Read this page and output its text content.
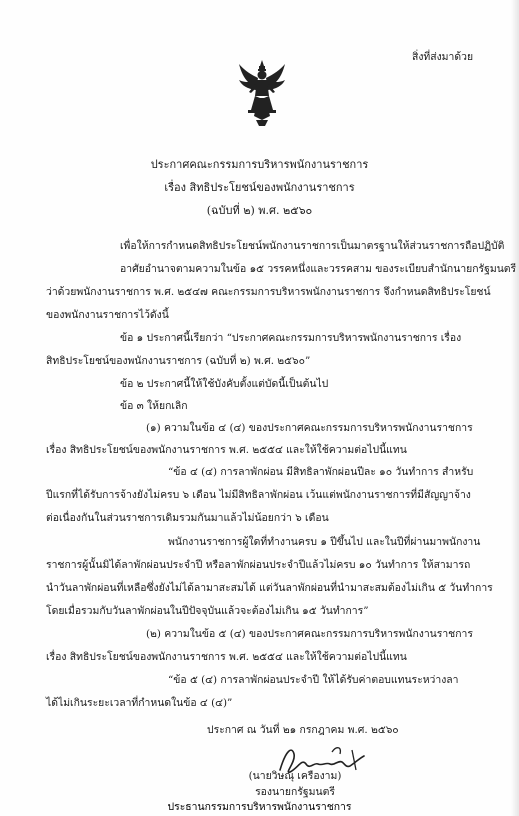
สิ่งที่ส่งมาด้วย
ประกาศคณะกรรมการบริหารพนักงานราชการ
เรื่อง สิทธิประโยชน์ของพนักงานราชการ
(ฉบับที่ ๒) พ.ศ. ๒๕๖๐
เพื่อให้การกำหนดสิทธิประโยชน์พนักงานราชการเป็นมาตรฐานให้ส่วนราชการถือปฏิบัติ
อาศัยอำนาจตามความในข้อ ๑๕ วรรคหนึ่งและวรรคสาม ของระเบียบสำนักนายกรัฐมนตรี
ว่าด้วยพนักงานราชการ พ.ศ. ๒๕๔๗ คณะกรรมการบริหารพนักงานราชการ จึงกำหนดสิทธิประโยชน์
ของพนักงานราชการไว้ดังนี้
ข้อ ๑ ประกาศนี้เรียกว่า “ประกาศคณะกรรมการบริหารพนักงานราชการ เรื่อง
สิทธิประโยชน์ของพนักงานราชการ (ฉบับที่ ๒) พ.ศ. ๒๕๖๐”
ข้อ ๒ ประกาศนี้ให้ใช้บังคับตั้งแต่บัดนี้เป็นต้นไป
ข้อ ๓ ให้ยกเลิก
(๑) ความในข้อ ๔ (๔) ของประกาศคณะกรรมการบริหารพนักงานราชการ
เรื่อง สิทธิประโยชน์ของพนักงานราชการ พ.ศ. ๒๕๕๔ และให้ใช้ความต่อไปนี้แทน
“ข้อ ๔ (๔) การลาพักผ่อน มีสิทธิลาพักผ่อนปีละ ๑๐ วันทำการ สำหรับ
ปีแรกที่ได้รับการจ้างยังไม่ครบ ๖ เดือน ไม่มีสิทธิลาพักผ่อน เว้นแต่พนักงานราชการที่มีสัญญาจ้าง
ต่อเนื่องกันในส่วนราชการเดิมรวมกันมาแล้วไม่น้อยกว่า ๖ เดือน
พนักงานราชการผู้ใดที่ทำงานครบ ๑ ปีขึ้นไป และในปีที่ผ่านมาพนักงาน
ราชการผู้นั้นมิได้ลาพักผ่อนประจำปี หรือลาพักผ่อนประจำปีแล้วไม่ครบ ๑๐ วันทำการ ให้สามารถ
นำวันลาพักผ่อนที่เหลือซึ่งยังไม่ได้ลามาสะสมได้ แต่วันลาพักผ่อนที่นำมาสะสมต้องไม่เกิน ๕ วันทำการ
โดยเมื่อรวมกับวันลาพักผ่อนในปีปัจจุบันแล้วจะต้องไม่เกิน ๑๕ วันทำการ”
(๒) ความในข้อ ๕ (๔) ของประกาศคณะกรรมการบริหารพนักงานราชการ
เรื่อง สิทธิประโยชน์ของพนักงานราชการ พ.ศ. ๒๕๕๔ และให้ใช้ความต่อไปนี้แทน
“ข้อ ๕ (๔) การลาพักผ่อนประจำปี ให้ได้รับค่าตอบแทนระหว่างลา
ได้ไม่เกินระยะเวลาที่กำหนดในข้อ ๔ (๔)”
ประกาศ ณ วันที่ ๒๑ กรกฎาคม พ.ศ. ๒๕๖๐
(นายวิษณุ เครืองาม)
รองนายกรัฐมนตรี
ประธานกรรมการบริหารพนักงานราชการ
